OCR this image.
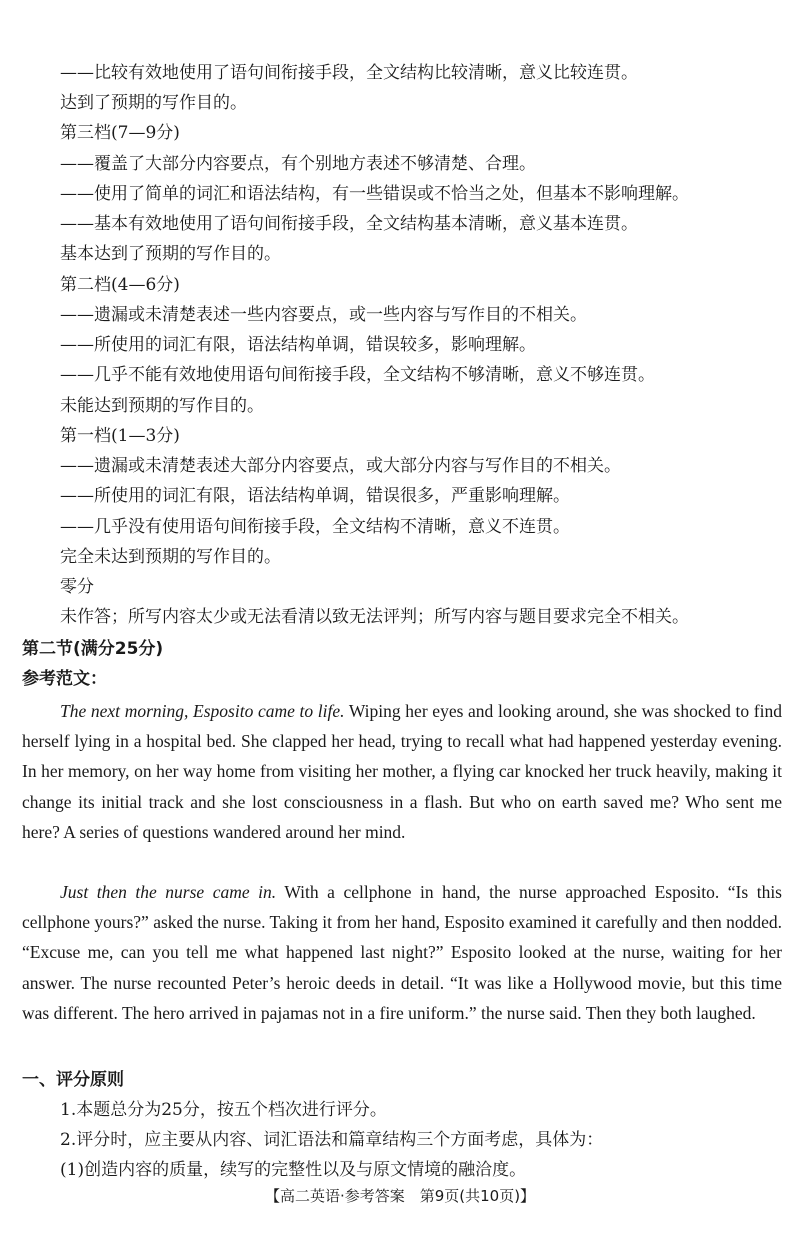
——比较有效地使用了语句间衔接手段，全文结构比较清晰，意义比较连贯。
达到了预期的写作目的。
第三档(7—9分)
——覆盖了大部分内容要点，有个别地方表述不够清楚、合理。
——使用了简单的词汇和语法结构，有一些错误或不恰当之处，但基本不影响理解。
——基本有效地使用了语句间衔接手段，全文结构基本清晰，意义基本连贯。
基本达到了预期的写作目的。
第二档(4—6分)
——遗漏或未清楚表述一些内容要点，或一些内容与写作目的不相关。
——所使用的词汇有限，语法结构单调，错误较多，影响理解。
——几乎不能有效地使用语句间衔接手段，全文结构不够清晰，意义不够连贯。
未能达到预期的写作目的。
第一档(1—3分)
——遗漏或未清楚表述大部分内容要点，或大部分内容与写作目的不相关。
——所使用的词汇有限，语法结构单调，错误很多，严重影响理解。
——几乎没有使用语句间衔接手段，全文结构不清晰，意义不连贯。
完全未达到预期的写作目的。
零分
未作答；所写内容太少或无法看清以致无法评判；所写内容与题目要求完全不相关。
第二节(满分25分)
参考范文：
The next morning, Esposito came to life. Wiping her eyes and looking around, she was shocked to find herself lying in a hospital bed. She clapped her head, trying to recall what had happened yesterday evening. In her memory, on her way home from visiting her mother, a flying car knocked her truck heavily, making it change its initial track and she lost consciousness in a flash. But who on earth saved me? Who sent me here? A series of questions wandered around her mind.
Just then the nurse came in. With a cellphone in hand, the nurse approached Esposito. “Is this cellphone yours?” asked the nurse. Taking it from her hand, Esposito examined it carefully and then nodded. “Excuse me, can you tell me what happened last night?” Esposito looked at the nurse, waiting for her answer. The nurse recounted Peter’s heroic deeds in detail. “It was like a Hollywood movie, but this time was different. The hero arrived in pajamas not in a fire uniform.” the nurse said. Then they both laughed.
一、评分原则
1.本题总分为25分，按五个档次进行评分。
2.评分时，应主要从内容、词汇语法和篇章结构三个方面考虑，具体为：
(1)创造内容的质量，续写的完整性以及与原文情境的融洽度。
【高二英语·参考答案　第9页(共10页)】
